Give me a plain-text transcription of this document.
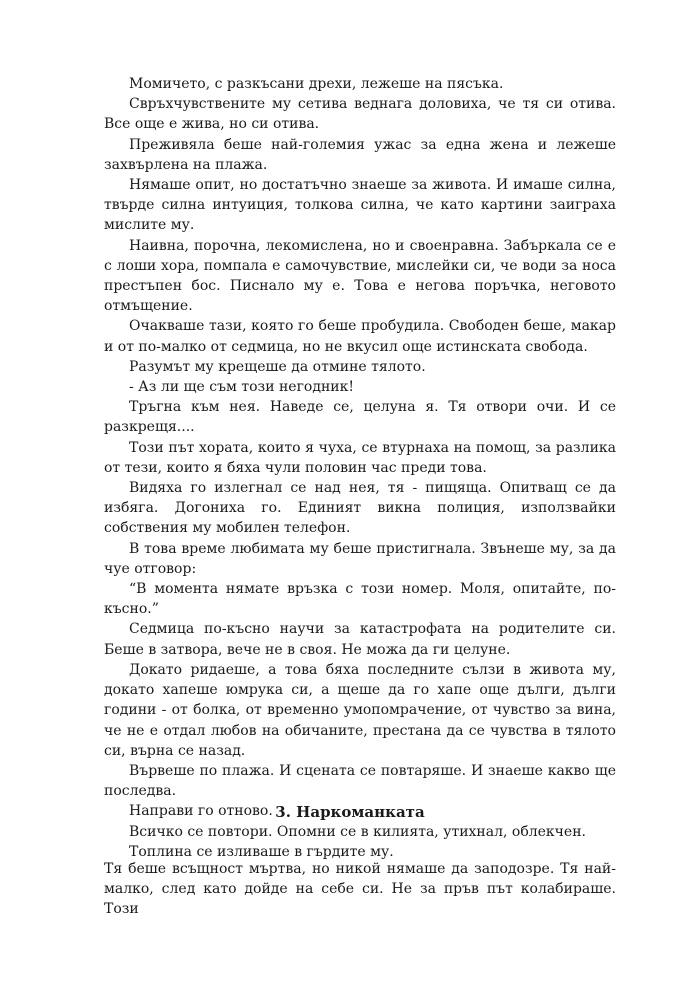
Момичето, с разкъсани дрехи, лежеше на пясъка.

Свръхчувствените му сетива веднага доловиха, че тя си отива. Все още е жива, но си отива.

Преживяла беше най-големия ужас за една жена и лежеше захвърлена на плажа.

Нямаше опит, но достатъчно знаеше за живота. И имаше силна, твърде силна интуиция, толкова силна, че като картини заиграха мислите му.

Наивна, порочна, лекомислена, но и своенравна. Забъркала се е с лоши хора, помпала е самочувствие, мислейки си, че води за носа престъпен бос. Писнало му е. Това е негова поръчка, неговото отмъщение.

Очакваше тази, която го беше пробудила. Свободен беше, макар и от по-малко от седмица, но не вкусил още истинската свобода.

Разумът му крещеше да отмине тялото.

- Аз ли ще съм този негодник!

Тръгна към нея. Наведе се, целуна я. Тя отвори очи. И се разкрещя....

Този път хората, които я чуха, се втурнаха на помощ, за разлика от тези, които я бяха чули половин час преди това.

Видяха го излегнал се над нея, тя - пищяща. Опитващ се да избяга. Догониха го. Единият викна полиция, използвайки собствения му мобилен телефон.

В това време любимата му беше пристигнала. Звънеше му, за да чуе отговор:

“В момента нямате връзка с този номер. Моля, опитайте, по-късно.”

Седмица по-късно научи за катастрофата на родителите си. Беше в затвора, вече не в своя. Не можа да ги целуне.

Докато ридаеше, а това бяха последните сълзи в живота му, докато хапеше юмрука си, а щеше да го хапе още дълги, дълги години - от болка, от временно умопомрачение, от чувство за вина, че не е отдал любов на обичаните, престана да се чувства в тялото си, върна се назад.

Вървеше по плажа. И сцената се повтаряше. И знаеше какво ще последва.

Направи го отново.

Всичко се повтори. Опомни се в килията, утихнал, облекчен.

Топлина се изливаше в гърдите му.

3. Наркоманката

Тя беше всъщност мъртва, но никой нямаше да заподозре. Тя най-малко, след като дойде на себе си. Не за пръв път колабираше. Този
